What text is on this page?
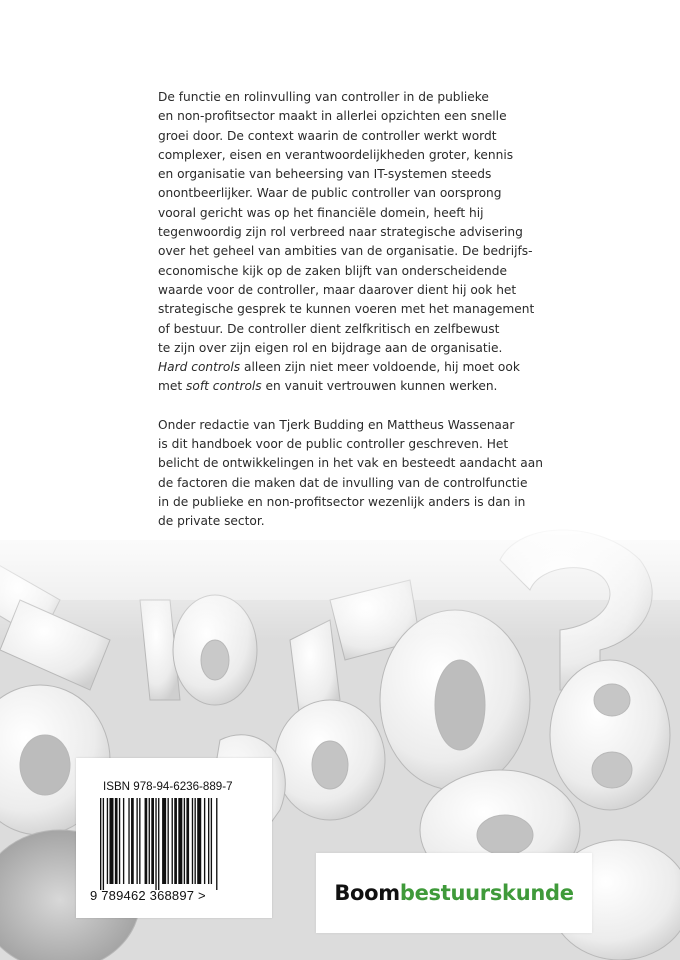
De functie en rolinvulling van controller in de publieke
en non-profitsector maakt in allerlei opzichten een snelle
groei door. De context waarin de controller werkt wordt
complexer, eisen en verantwoordelijkheden groter, kennis
en organisatie van beheersing van IT-systemen steeds
onontbeerlijker. Waar de public controller van oorsprong
vooral gericht was op het financiële domein, heeft hij
tegenwoordig zijn rol verbreed naar strategische advisering
over het geheel van ambities van de organisatie. De bedrijfs-
economische kijk op de zaken blijft van onderscheidende
waarde voor de controller, maar daarover dient hij ook het
strategische gesprek te kunnen voeren met het management
of bestuur. De controller dient zelfkritisch en zelfbewust
te zijn over zijn eigen rol en bijdrage aan de organisatie.
Hard controls alleen zijn niet meer voldoende, hij moet ook
met soft controls en vanuit vertrouwen kunnen werken.

Onder redactie van Tjerk Budding en Mattheus Wassenaar
is dit handboek voor de public controller geschreven. Het
belicht de ontwikkelingen in het vak en besteedt aandacht aan
de factoren die maken dat de invulling van de controlfunctie
in de publieke en non-profitsector wezenlijk anders is dan in
de private sector.

ISBN 978-94-6236-889-7
9 789462 368897 >	Boombestuurskunde
